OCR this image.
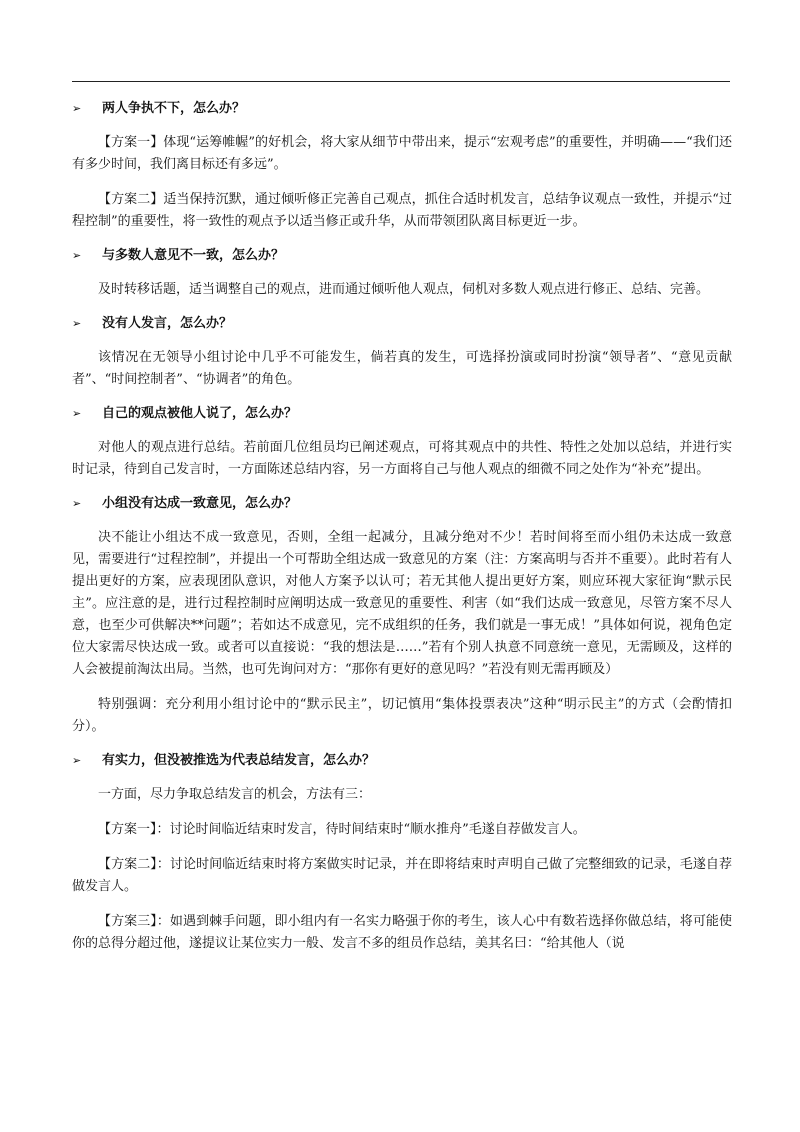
➢	两人争执不下，怎么办？

【方案一】体现“运筹帷幄”的好机会，将大家从细节中带出来，提示“宏观考虑”的重要性，并明确——“我们还有多少时间，我们离目标还有多远”。

【方案二】适当保持沉默，通过倾听修正完善自己观点，抓住合适时机发言，总结争议观点一致性，并提示“过程控制”的重要性，将一致性的观点予以适当修正或升华，从而带领团队离目标更近一步。

➢	与多数人意见不一致，怎么办？

及时转移话题，适当调整自己的观点，进而通过倾听他人观点，伺机对多数人观点进行修正、总结、完善。

➢	没有人发言，怎么办？

该情况在无领导小组讨论中几乎不可能发生，倘若真的发生，可选择扮演或同时扮演“领导者”、“意见贡献者”、“时间控制者”、“协调者”的角色。

➢	自己的观点被他人说了，怎么办？

对他人的观点进行总结。若前面几位组员均已阐述观点，可将其观点中的共性、特性之处加以总结，并进行实时记录，待到自己发言时，一方面陈述总结内容，另一方面将自己与他人观点的细微不同之处作为“补充”提出。

➢	小组没有达成一致意见，怎么办？

决不能让小组达不成一致意见，否则，全组一起减分，且减分绝对不少！若时间将至而小组仍未达成一致意见，需要进行“过程控制”，并提出一个可帮助全组达成一致意见的方案（注：方案高明与否并不重要）。此时若有人提出更好的方案，应表现团队意识，对他人方案予以认可；若无其他人提出更好方案，则应环视大家征询“默示民主”。应注意的是，进行过程控制时应阐明达成一致意见的重要性、利害（如“我们达成一致意见，尽管方案不尽人意，也至少可供解决**问题”；若如达不成意见，完不成组织的任务，我们就是一事无成！”具体如何说，视角色定位大家需尽快达成一致。或者可以直接说：“我的想法是……”若有个别人执意不同意统一意见，无需顾及，这样的人会被提前淘汰出局。当然，也可先询问对方：“那你有更好的意见吗？”若没有则无需再顾及）

特别强调：充分利用小组讨论中的“默示民主”，切记慎用“集体投票表决”这种“明示民主”的方式（会酌情扣分）。

➢	有实力，但没被推选为代表总结发言，怎么办？

一方面，尽力争取总结发言的机会，方法有三：

【方案一】：讨论时间临近结束时发言，待时间结束时“顺水推舟”毛遂自荐做发言人。

【方案二】：讨论时间临近结束时将方案做实时记录，并在即将结束时声明自己做了完整细致的记录，毛遂自荐做发言人。

【方案三】：如遇到棘手问题，即小组内有一名实力略强于你的考生，该人心中有数若选择你做总结，将可能使你的总得分超过他，遂提议让某位实力一般、发言不多的组员作总结，美其名曰：“给其他人（说
